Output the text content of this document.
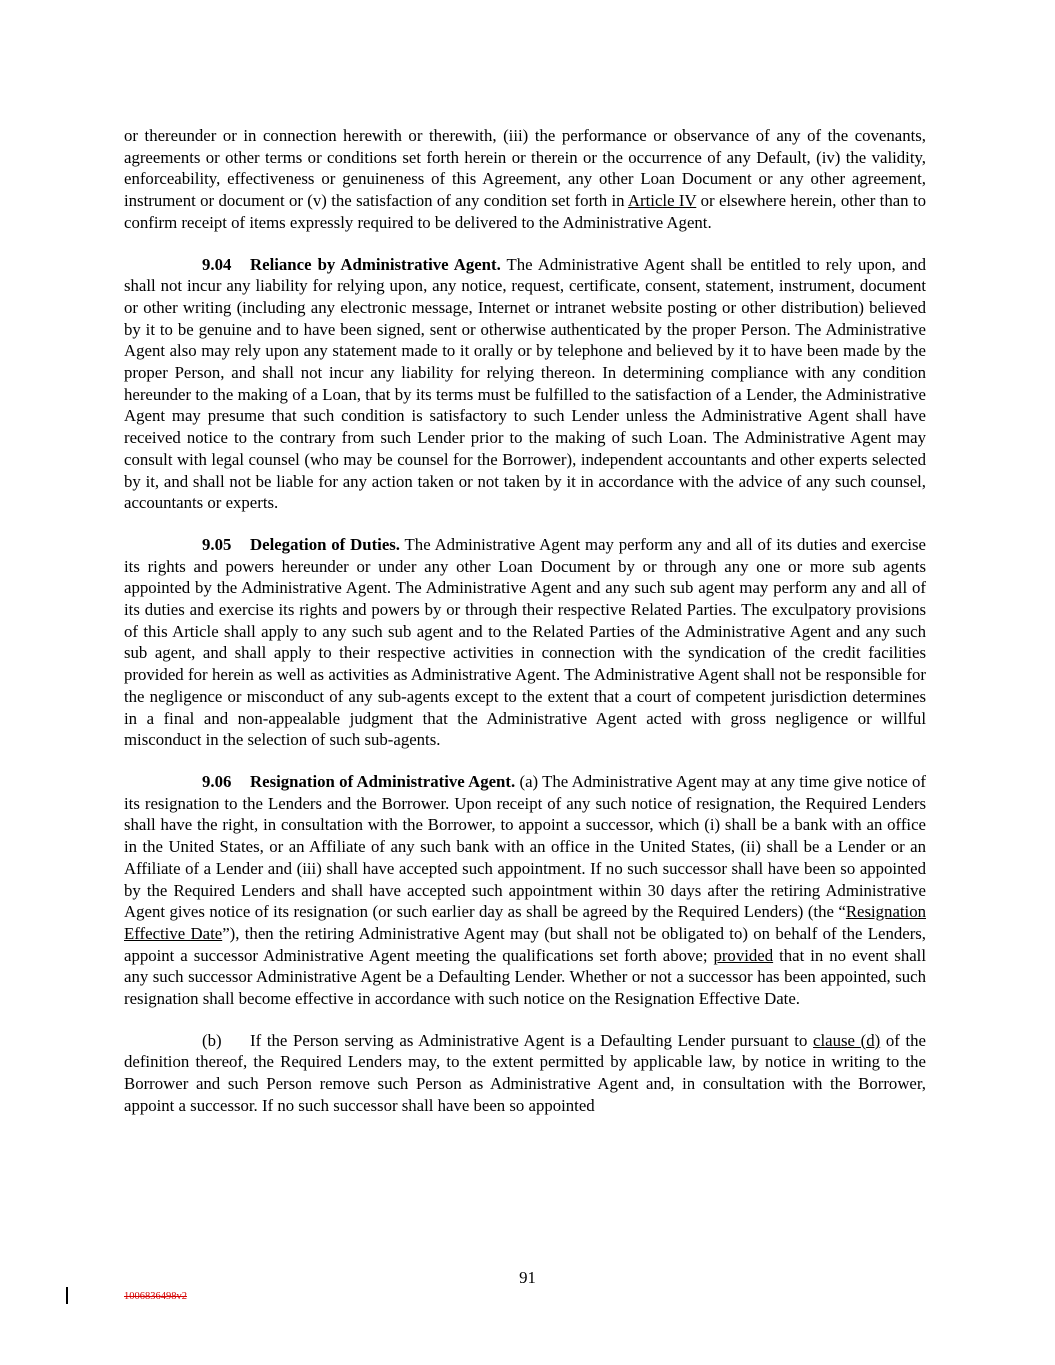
or thereunder or in connection herewith or therewith, (iii) the performance or observance of any of the covenants, agreements or other terms or conditions set forth herein or therein or the occurrence of any Default, (iv) the validity, enforceability, effectiveness or genuineness of this Agreement, any other Loan Document or any other agreement, instrument or document or (v) the satisfaction of any condition set forth in Article IV or elsewhere herein, other than to confirm receipt of items expressly required to be delivered to the Administrative Agent.

9.04 Reliance by Administrative Agent. The Administrative Agent shall be entitled to rely upon, and shall not incur any liability for relying upon, any notice, request, certificate, consent, statement, instrument, document or other writing (including any electronic message, Internet or intranet website posting or other distribution) believed by it to be genuine and to have been signed, sent or otherwise authenticated by the proper Person. The Administrative Agent also may rely upon any statement made to it orally or by telephone and believed by it to have been made by the proper Person, and shall not incur any liability for relying thereon. In determining compliance with any condition hereunder to the making of a Loan, that by its terms must be fulfilled to the satisfaction of a Lender, the Administrative Agent may presume that such condition is satisfactory to such Lender unless the Administrative Agent shall have received notice to the contrary from such Lender prior to the making of such Loan. The Administrative Agent may consult with legal counsel (who may be counsel for the Borrower), independent accountants and other experts selected by it, and shall not be liable for any action taken or not taken by it in accordance with the advice of any such counsel, accountants or experts.

9.05 Delegation of Duties. The Administrative Agent may perform any and all of its duties and exercise its rights and powers hereunder or under any other Loan Document by or through any one or more sub agents appointed by the Administrative Agent. The Administrative Agent and any such sub agent may perform any and all of its duties and exercise its rights and powers by or through their respective Related Parties. The exculpatory provisions of this Article shall apply to any such sub agent and to the Related Parties of the Administrative Agent and any such sub agent, and shall apply to their respective activities in connection with the syndication of the credit facilities provided for herein as well as activities as Administrative Agent. The Administrative Agent shall not be responsible for the negligence or misconduct of any sub-agents except to the extent that a court of competent jurisdiction determines in a final and non-appealable judgment that the Administrative Agent acted with gross negligence or willful misconduct in the selection of such sub-agents.

9.06 Resignation of Administrative Agent. (a) The Administrative Agent may at any time give notice of its resignation to the Lenders and the Borrower. Upon receipt of any such notice of resignation, the Required Lenders shall have the right, in consultation with the Borrower, to appoint a successor, which (i) shall be a bank with an office in the United States, or an Affiliate of any such bank with an office in the United States, (ii) shall be a Lender or an Affiliate of a Lender and (iii) shall have accepted such appointment. If no such successor shall have been so appointed by the Required Lenders and shall have accepted such appointment within 30 days after the retiring Administrative Agent gives notice of its resignation (or such earlier day as shall be agreed by the Required Lenders) (the “Resignation Effective Date”), then the retiring Administrative Agent may (but shall not be obligated to) on behalf of the Lenders, appoint a successor Administrative Agent meeting the qualifications set forth above; provided that in no event shall any such successor Administrative Agent be a Defaulting Lender. Whether or not a successor has been appointed, such resignation shall become effective in accordance with such notice on the Resignation Effective Date.

(b) If the Person serving as Administrative Agent is a Defaulting Lender pursuant to clause (d) of the definition thereof, the Required Lenders may, to the extent permitted by applicable law, by notice in writing to the Borrower and such Person remove such Person as Administrative Agent and, in consultation with the Borrower, appoint a successor. If no such successor shall have been so appointed

91
1006836498v2
